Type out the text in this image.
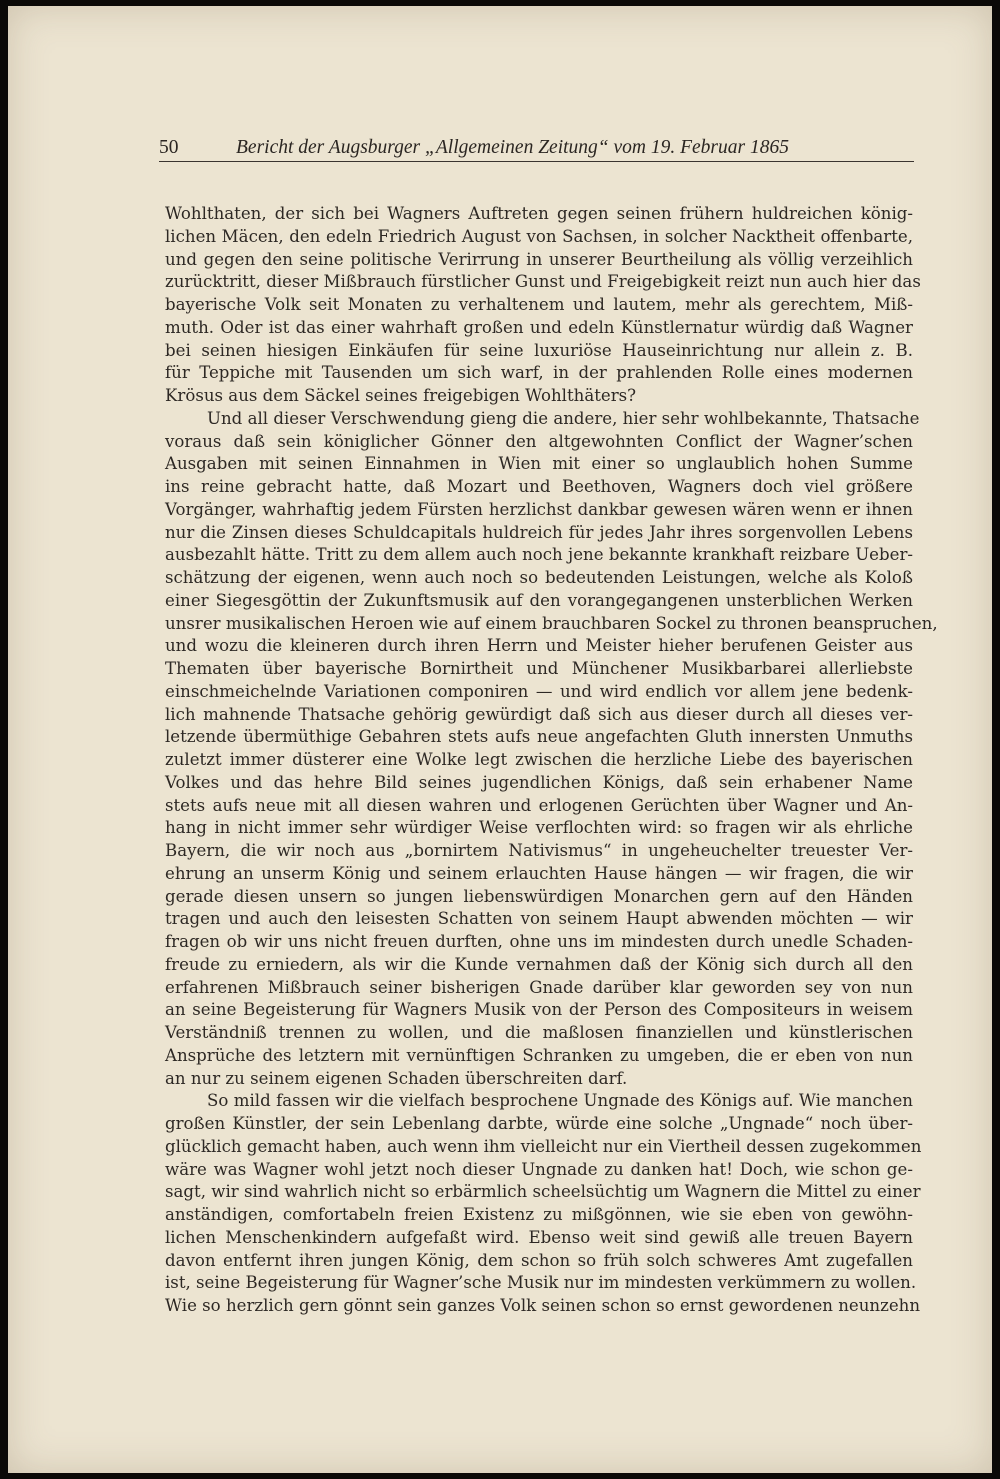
50	Bericht der Augsburger „Allgemeinen Zeitung“ vom 19. Februar 1865
Wohlthaten, der sich bei Wagners Auftreten gegen seinen frühern huldreichen könig-
lichen Mäcen, den edeln Friedrich August von Sachsen, in solcher Nacktheit offenbarte,
und gegen den seine politische Verirrung in unserer Beurtheilung als völlig verzeihlich
zurücktritt, dieser Mißbrauch fürstlicher Gunst und Freigebigkeit reizt nun auch hier das
bayerische Volk seit Monaten zu verhaltenem und lautem, mehr als gerechtem, Miß-
muth. Oder ist das einer wahrhaft großen und edeln Künstlernatur würdig daß Wagner
bei seinen hiesigen Einkäufen für seine luxuriöse Hauseinrichtung nur allein z. B.
für Teppiche mit Tausenden um sich warf, in der prahlenden Rolle eines modernen
Krösus aus dem Säckel seines freigebigen Wohlthäters?
Und all dieser Verschwendung gieng die andere, hier sehr wohlbekannte, Thatsache
voraus daß sein königlicher Gönner den altgewohnten Conflict der Wagner’schen
Ausgaben mit seinen Einnahmen in Wien mit einer so unglaublich hohen Summe
ins reine gebracht hatte, daß Mozart und Beethoven, Wagners doch viel größere
Vorgänger, wahrhaftig jedem Fürsten herzlichst dankbar gewesen wären wenn er ihnen
nur die Zinsen dieses Schuldcapitals huldreich für jedes Jahr ihres sorgenvollen Lebens
ausbezahlt hätte. Tritt zu dem allem auch noch jene bekannte krankhaft reizbare Ueber-
schätzung der eigenen, wenn auch noch so bedeutenden Leistungen, welche als Koloß
einer Siegesgöttin der Zukunftsmusik auf den vorangegangenen unsterblichen Werken
unsrer musikalischen Heroen wie auf einem brauchbaren Sockel zu thronen beanspruchen,
und wozu die kleineren durch ihren Herrn und Meister hieher berufenen Geister aus
Thematen über bayerische Bornirtheit und Münchener Musikbarbarei allerliebste
einschmeichelnde Variationen componiren — und wird endlich vor allem jene bedenk-
lich mahnende Thatsache gehörig gewürdigt daß sich aus dieser durch all dieses ver-
letzende übermüthige Gebahren stets aufs neue angefachten Gluth innersten Unmuths
zuletzt immer düsterer eine Wolke legt zwischen die herzliche Liebe des bayerischen
Volkes und das hehre Bild seines jugendlichen Königs, daß sein erhabener Name
stets aufs neue mit all diesen wahren und erlogenen Gerüchten über Wagner und An-
hang in nicht immer sehr würdiger Weise verflochten wird: so fragen wir als ehrliche
Bayern, die wir noch aus „bornirtem Nativismus“ in ungeheuchelter treuester Ver-
ehrung an unserm König und seinem erlauchten Hause hängen — wir fragen, die wir
gerade diesen unsern so jungen liebenswürdigen Monarchen gern auf den Händen
tragen und auch den leisesten Schatten von seinem Haupt abwenden möchten — wir
fragen ob wir uns nicht freuen durften, ohne uns im mindesten durch unedle Schaden-
freude zu erniedern, als wir die Kunde vernahmen daß der König sich durch all den
erfahrenen Mißbrauch seiner bisherigen Gnade darüber klar geworden sey von nun
an seine Begeisterung für Wagners Musik von der Person des Compositeurs in weisem
Verständniß trennen zu wollen, und die maßlosen finanziellen und künstlerischen
Ansprüche des letztern mit vernünftigen Schranken zu umgeben, die er eben von nun
an nur zu seinem eigenen Schaden überschreiten darf.
So mild fassen wir die vielfach besprochene Ungnade des Königs auf. Wie manchen
großen Künstler, der sein Lebenlang darbte, würde eine solche „Ungnade“ noch über-
glücklich gemacht haben, auch wenn ihm vielleicht nur ein Viertheil dessen zugekommen
wäre was Wagner wohl jetzt noch dieser Ungnade zu danken hat! Doch, wie schon ge-
sagt, wir sind wahrlich nicht so erbärmlich scheelsüchtig um Wagnern die Mittel zu einer
anständigen, comfortabeln freien Existenz zu mißgönnen, wie sie eben von gewöhn-
lichen Menschenkindern aufgefaßt wird. Ebenso weit sind gewiß alle treuen Bayern
davon entfernt ihren jungen König, dem schon so früh solch schweres Amt zugefallen
ist, seine Begeisterung für Wagner’sche Musik nur im mindesten verkümmern zu wollen.
Wie so herzlich gern gönnt sein ganzes Volk seinen schon so ernst gewordenen neunzehn
